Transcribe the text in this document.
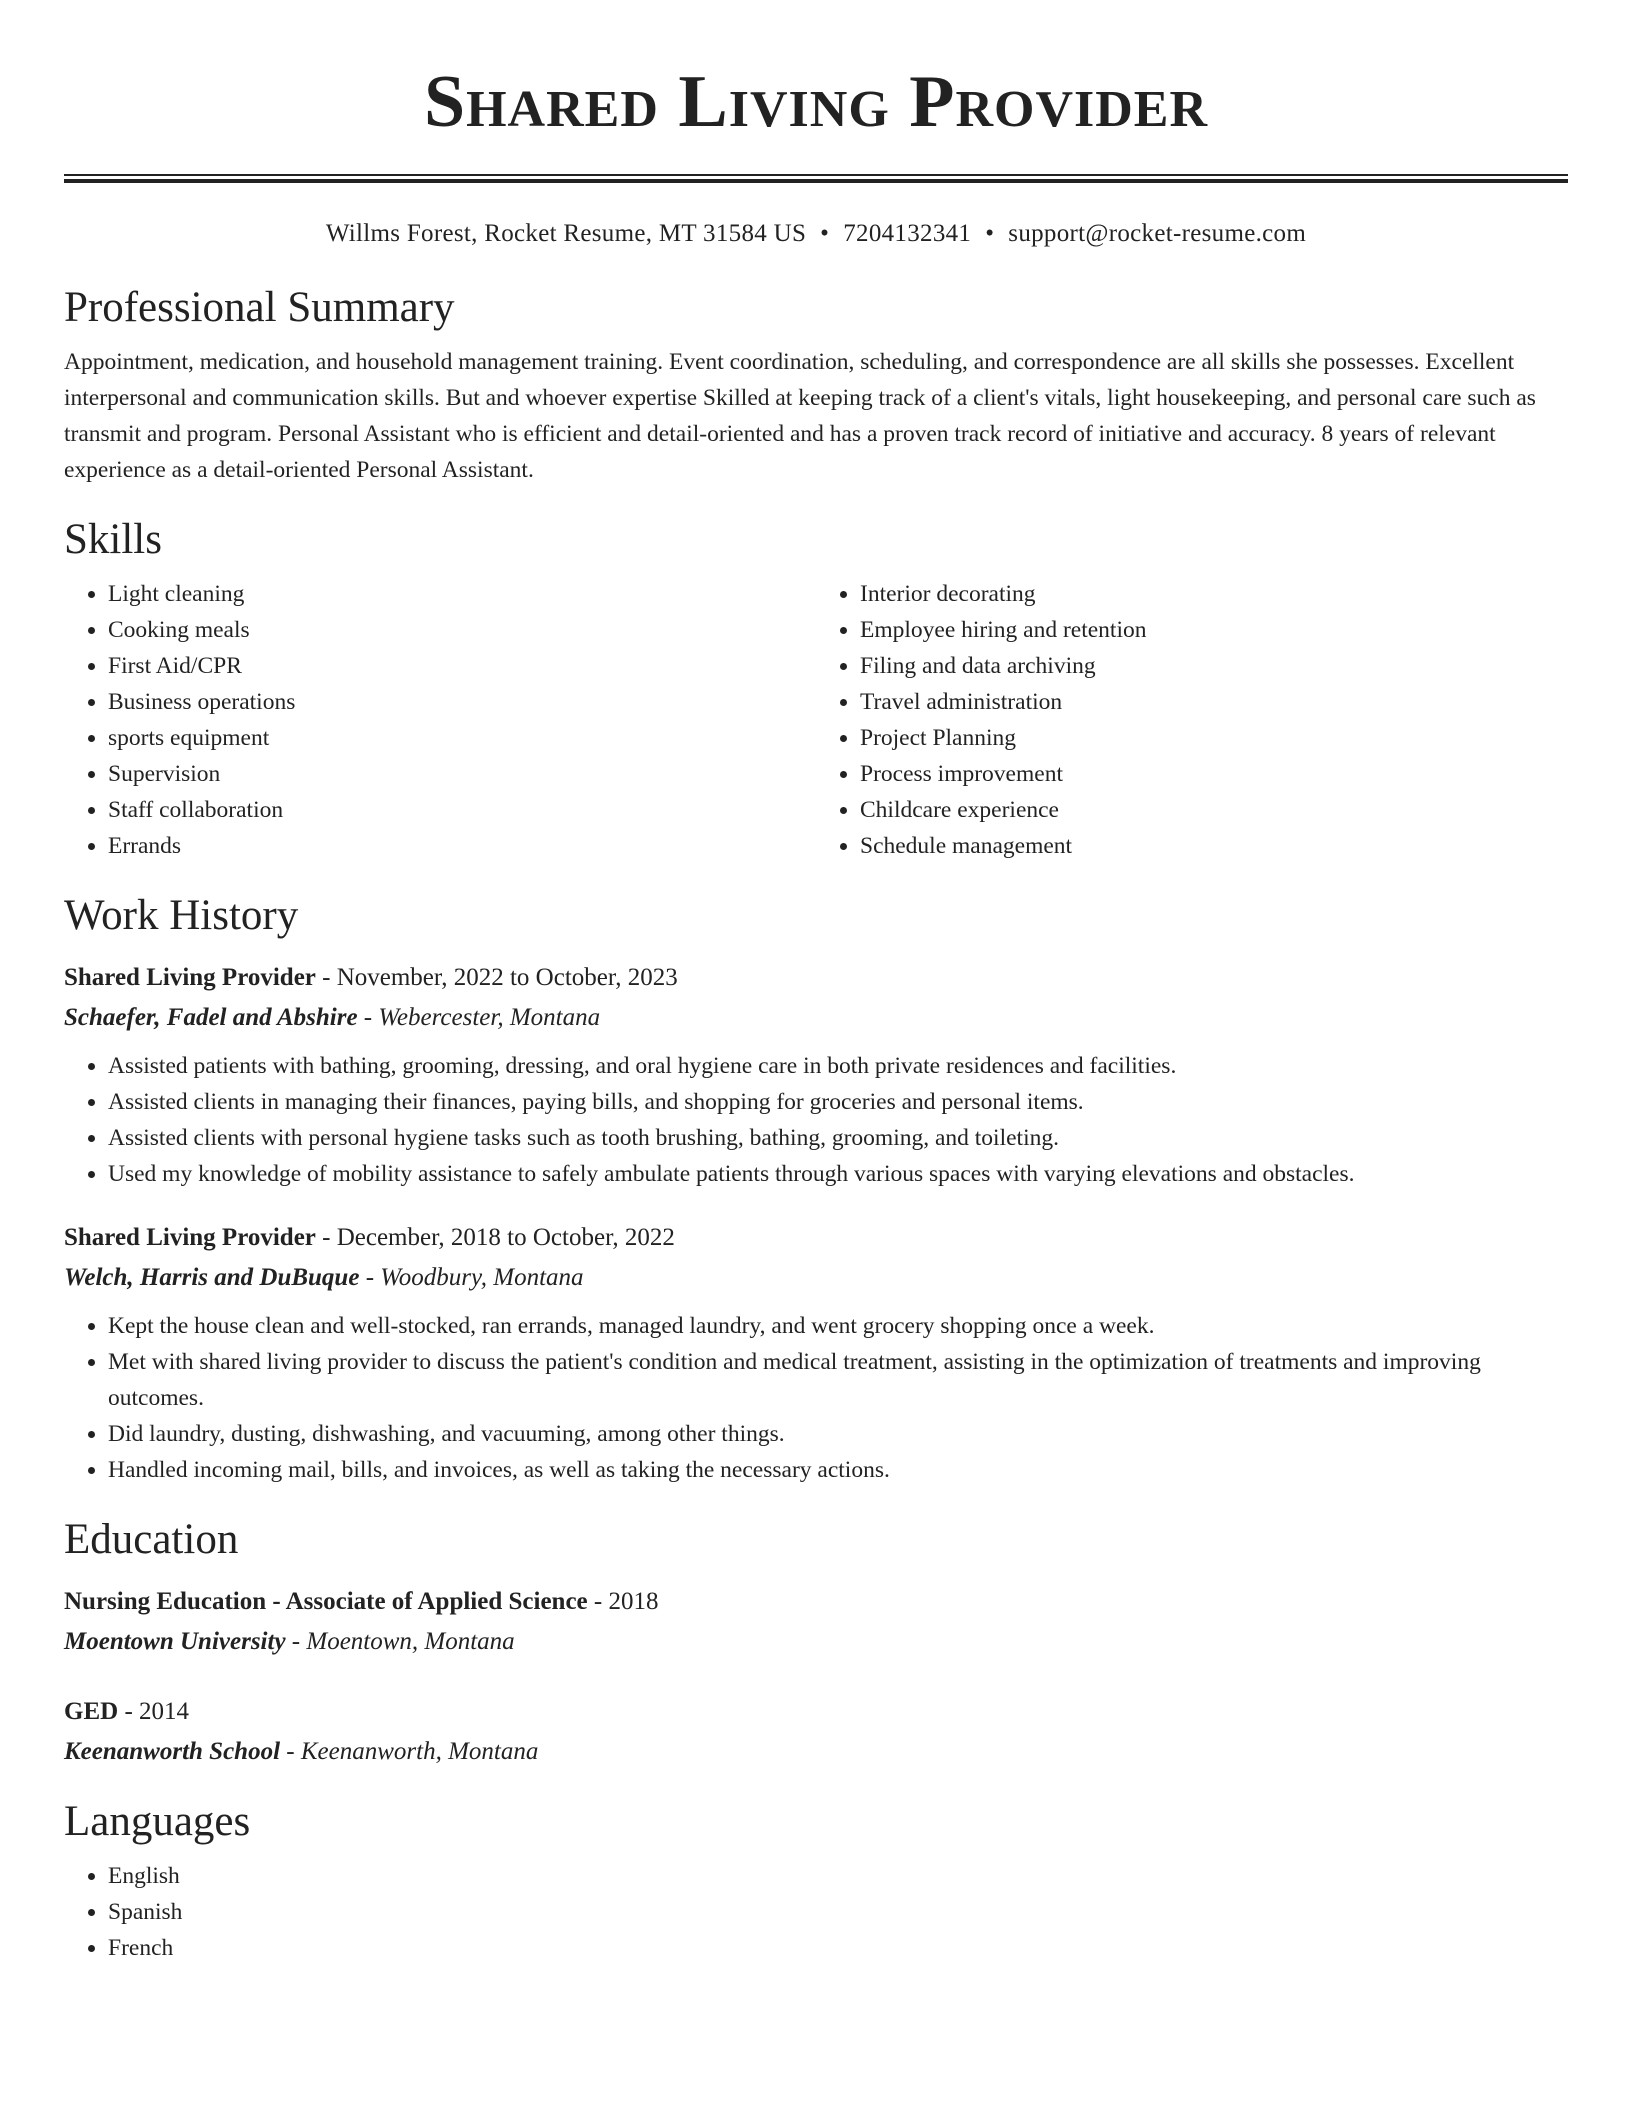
Shared Living Provider
Willms Forest, Rocket Resume, MT 31584 US • 7204132341 • support@rocket-resume.com
Professional Summary
Appointment, medication, and household management training. Event coordination, scheduling, and correspondence are all skills she possesses. Excellent interpersonal and communication skills. But and whoever expertise Skilled at keeping track of a client's vitals, light housekeeping, and personal care such as transmit and program. Personal Assistant who is efficient and detail-oriented and has a proven track record of initiative and accuracy. 8 years of relevant experience as a detail-oriented Personal Assistant.
Skills
• Light cleaning
• Cooking meals
• First Aid/CPR
• Business operations
• sports equipment
• Supervision
• Staff collaboration
• Errands
• Interior decorating
• Employee hiring and retention
• Filing and data archiving
• Travel administration
• Project Planning
• Process improvement
• Childcare experience
• Schedule management
Work History
Shared Living Provider - November, 2022 to October, 2023
Schaefer, Fadel and Abshire - Webercester, Montana
• Assisted patients with bathing, grooming, dressing, and oral hygiene care in both private residences and facilities.
• Assisted clients in managing their finances, paying bills, and shopping for groceries and personal items.
• Assisted clients with personal hygiene tasks such as tooth brushing, bathing, grooming, and toileting.
• Used my knowledge of mobility assistance to safely ambulate patients through various spaces with varying elevations and obstacles.
Shared Living Provider - December, 2018 to October, 2022
Welch, Harris and DuBuque - Woodbury, Montana
• Kept the house clean and well-stocked, ran errands, managed laundry, and went grocery shopping once a week.
• Met with shared living provider to discuss the patient's condition and medical treatment, assisting in the optimization of treatments and improving outcomes.
• Did laundry, dusting, dishwashing, and vacuuming, among other things.
• Handled incoming mail, bills, and invoices, as well as taking the necessary actions.
Education
Nursing Education - Associate of Applied Science - 2018
Moentown University - Moentown, Montana
GED - 2014
Keenanworth School - Keenanworth, Montana
Languages
• English
• Spanish
• French
